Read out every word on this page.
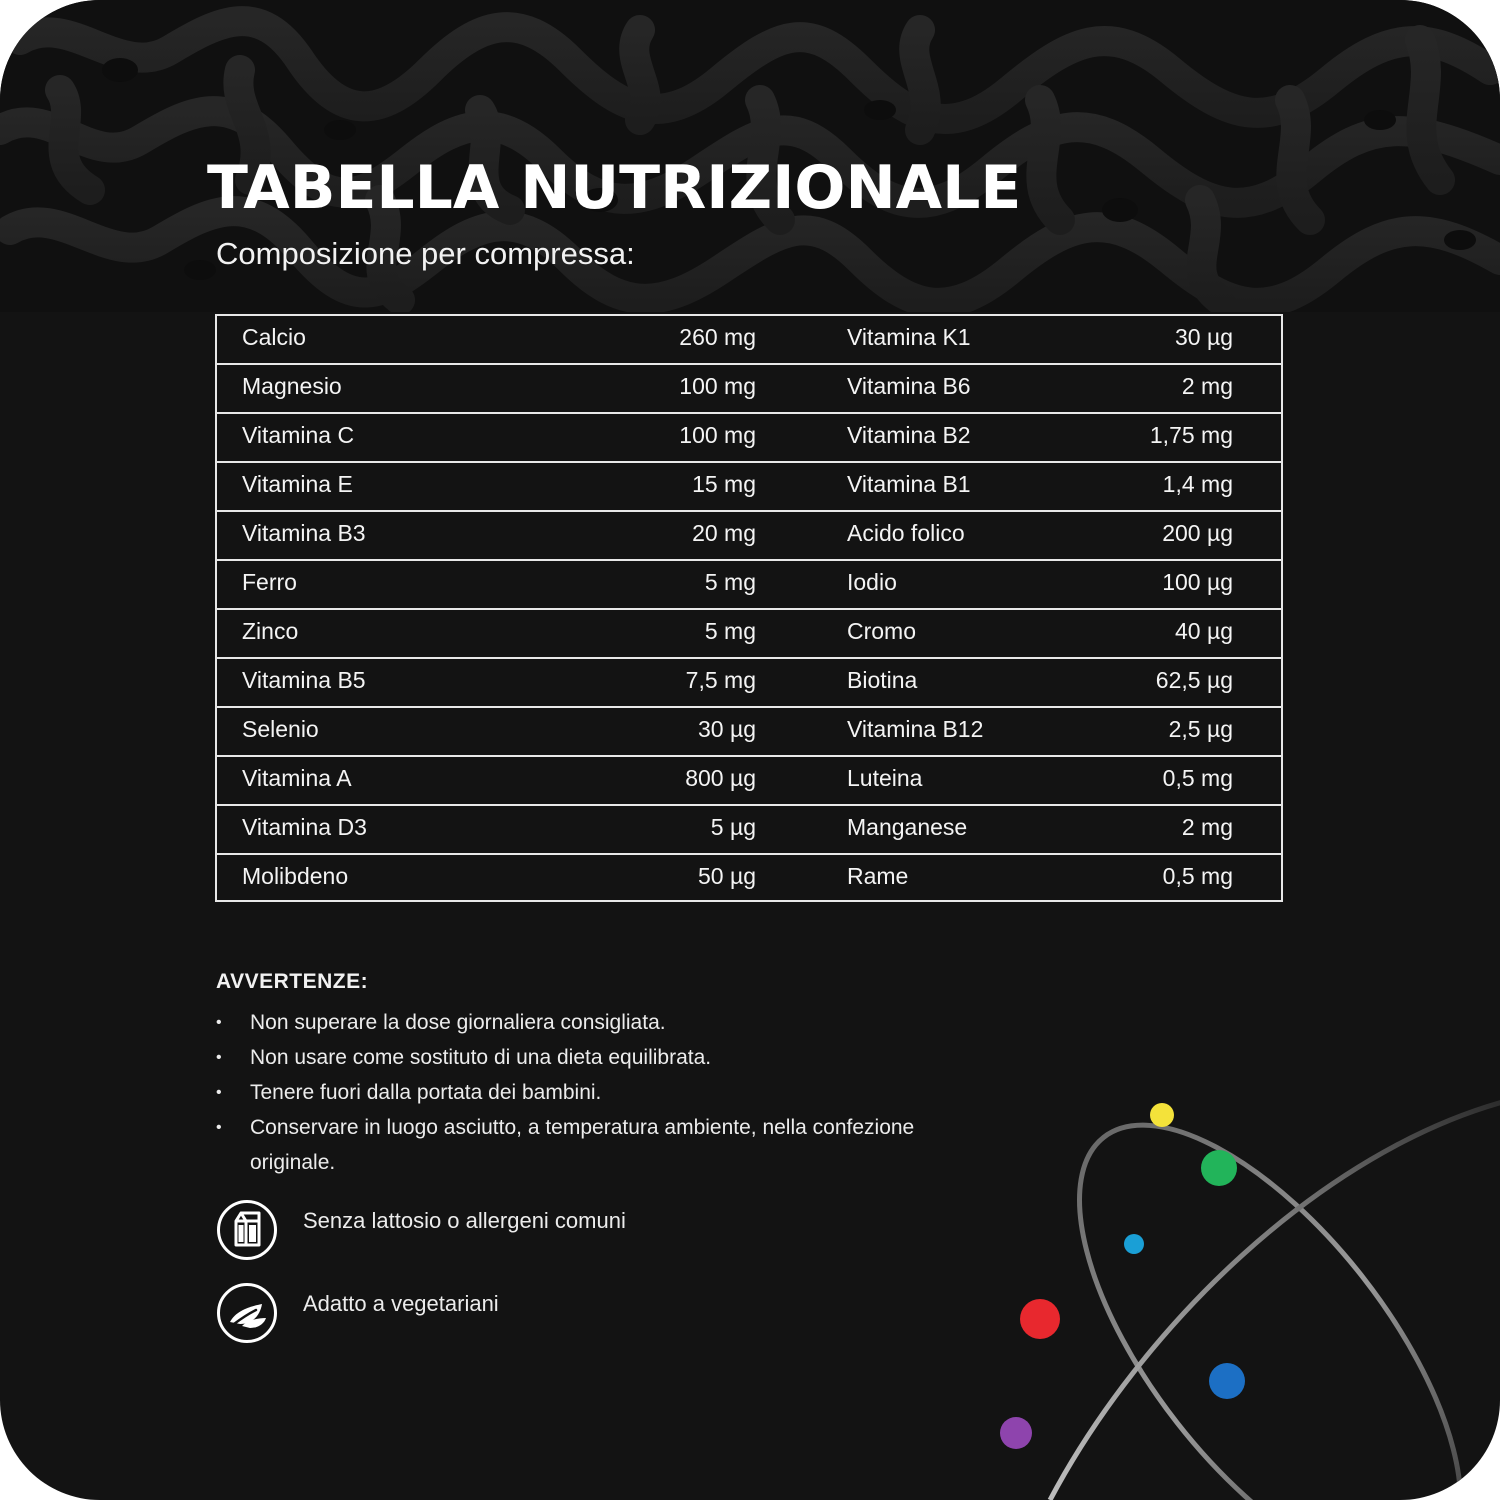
TABELLA NUTRIZIONALE

Composizione per compressa:

Calcio	260 mg	Vitamina K1	30 µg
Magnesio	100 mg	Vitamina B6	2 mg
Vitamina C	100 mg	Vitamina B2	1,75 mg
Vitamina E	15 mg	Vitamina B1	1,4 mg
Vitamina B3	20 mg	Acido folico	200 µg
Ferro	5 mg	Iodio	100 µg
Zinco	5 mg	Cromo	40 µg
Vitamina B5	7,5 mg	Biotina	62,5 µg
Selenio	30 µg	Vitamina B12	2,5 µg
Vitamina A	800 µg	Luteina	0,5 mg
Vitamina D3	5 µg	Manganese	2 mg
Molibdeno	50 µg	Rame	0,5 mg

AVVERTENZE:

• Non superare la dose giornaliera consigliata.
• Non usare come sostituto di una dieta equilibrata.
• Tenere fuori dalla portata dei bambini.
• Conservare in luogo asciutto, a temperatura ambiente, nella confezione originale.
Senza lattosio o allergeni comuni
Adatto a vegetariani
